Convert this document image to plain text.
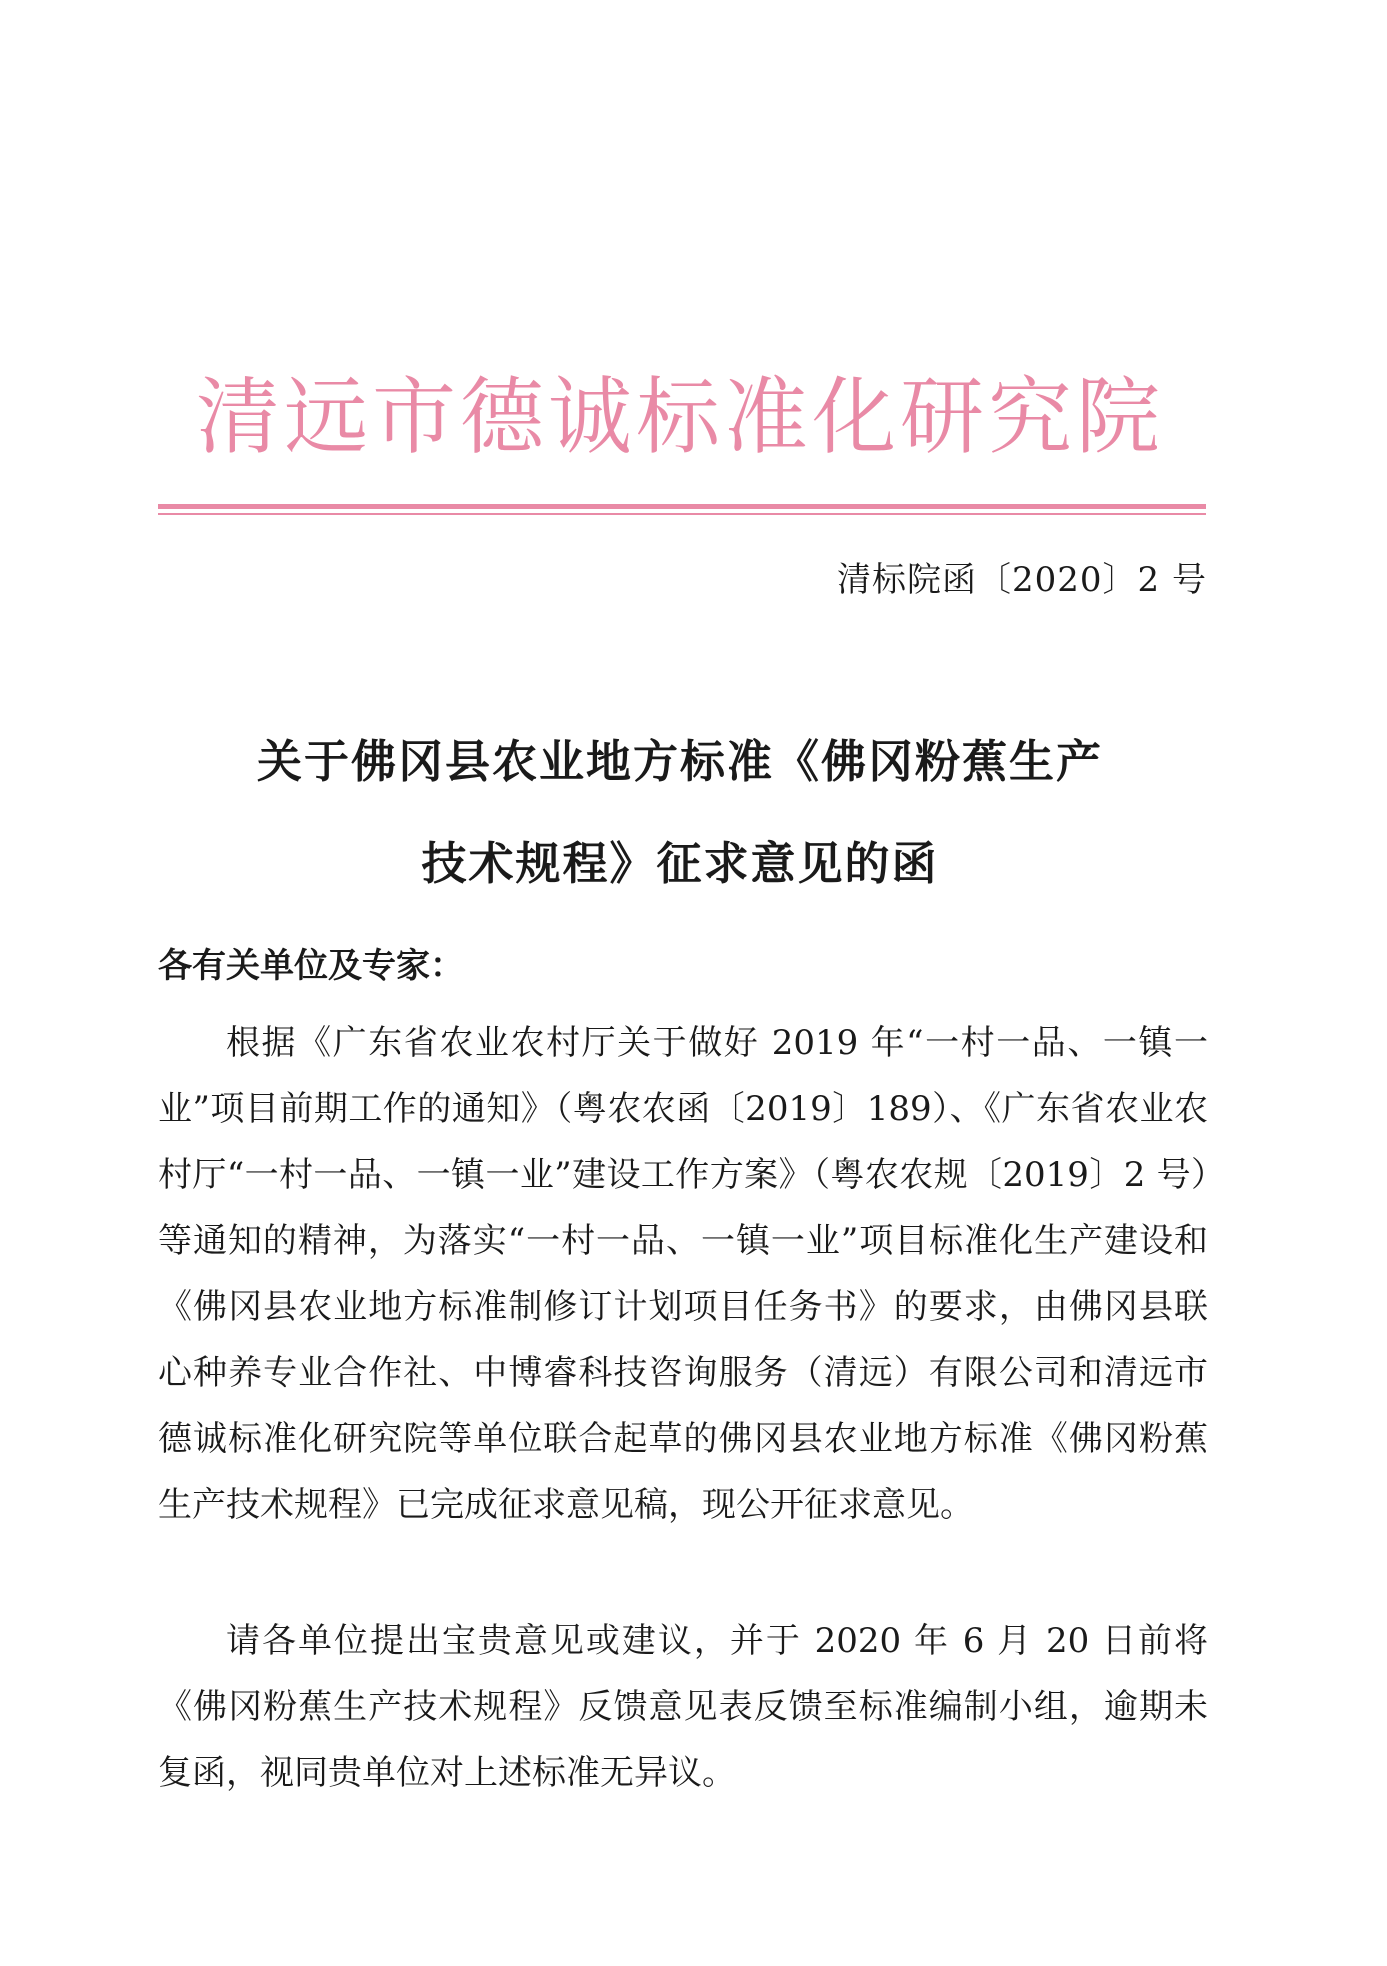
清远市德诚标准化研究院
清标院函〔2020〕2 号
关于佛冈县农业地方标准《佛冈粉蕉生产
技术规程》征求意见的函
各有关单位及专家：

根据《广东省农业农村厅关于做好 2019 年“一村一品、一镇一业”项目前期工作的通知》（粤农农函〔2019〕189）、《广东省农业农村厅“一村一品、一镇一业”建设工作方案》（粤农农规〔2019〕2 号）等通知的精神，为落实“一村一品、一镇一业”项目标准化生产建设和《佛冈县农业地方标准制修订计划项目任务书》的要求，由佛冈县联心种养专业合作社、中博睿科技咨询服务（清远）有限公司和清远市德诚标准化研究院等单位联合起草的佛冈县农业地方标准《佛冈粉蕉生产技术规程》已完成征求意见稿，现公开征求意见。

请各单位提出宝贵意见或建议，并于 2020 年 6 月 20 日前将《佛冈粉蕉生产技术规程》反馈意见表反馈至标准编制小组，逾期未复函，视同贵单位对上述标准无异议。
